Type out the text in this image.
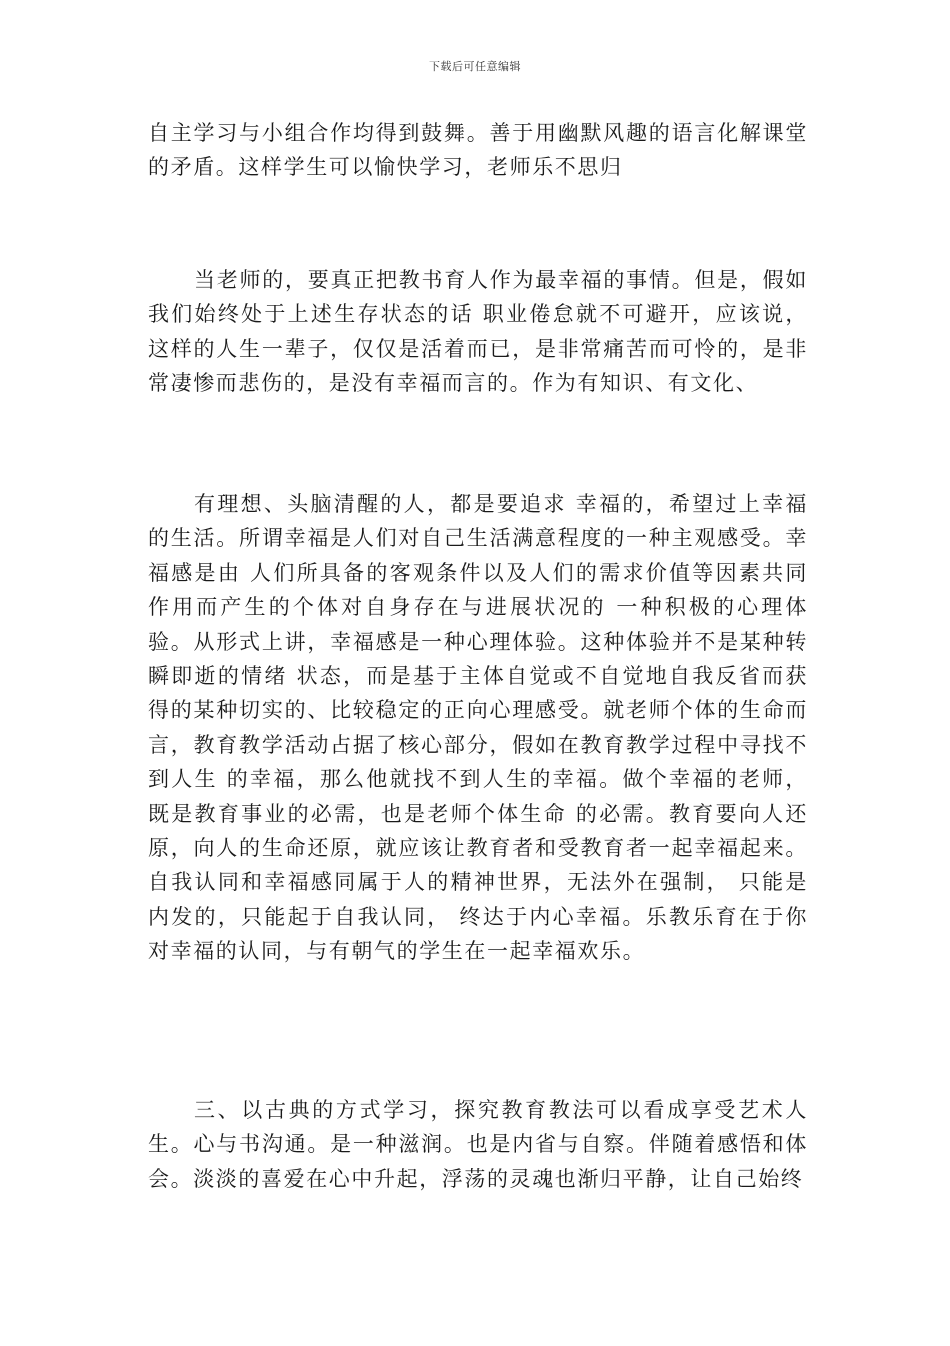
下载后可任意编辑

自主学习与小组合作均得到鼓舞。善于用幽默风趣的语言化解课堂的矛盾。这样学生可以愉快学习，老师乐不思归

当老师的，要真正把教书育人作为最幸福的事情。但是，假如我们始终处于上述生存状态的话 职业倦怠就不可避开，应该说，这样的人生一辈子，仅仅是活着而已，是非常痛苦而可怜的，是非常凄惨而悲伤的，是没有幸福而言的。作为有知识、有文化、

有理想、头脑清醒的人，都是要追求 幸福的，希望过上幸福的生活。所谓幸福是人们对自己生活满意程度的一种主观感受。幸福感是由 人们所具备的客观条件以及人们的需求价值等因素共同作用而产生的个体对自身存在与进展状况的 一种积极的心理体验。从形式上讲，幸福感是一种心理体验。这种体验并不是某种转瞬即逝的情绪 状态，而是基于主体自觉或不自觉地自我反省而获得的某种切实的、比较稳定的正向心理感受。就老师个体的生命而言，教育教学活动占据了核心部分，假如在教育教学过程中寻找不到人生 的幸福，那么他就找不到人生的幸福。做个幸福的老师，既是教育事业的必需，也是老师个体生命 的必需。教育要向人还原，向人的生命还原，就应该让教育者和受教育者一起幸福起来。自我认同和幸福感同属于人的精神世界，无法外在强制， 只能是内发的，只能起于自我认同， 终达于内心幸福。乐教乐育在于你对幸福的认同，与有朝气的学生在一起幸福欢乐。

三、以古典的方式学习，探究教育教法可以看成享受艺术人生。心与书沟通。是一种滋润。也是内省与自察。伴随着感悟和体会。淡淡的喜爱在心中升起，浮荡的灵魂也渐归平静，让自己始终
